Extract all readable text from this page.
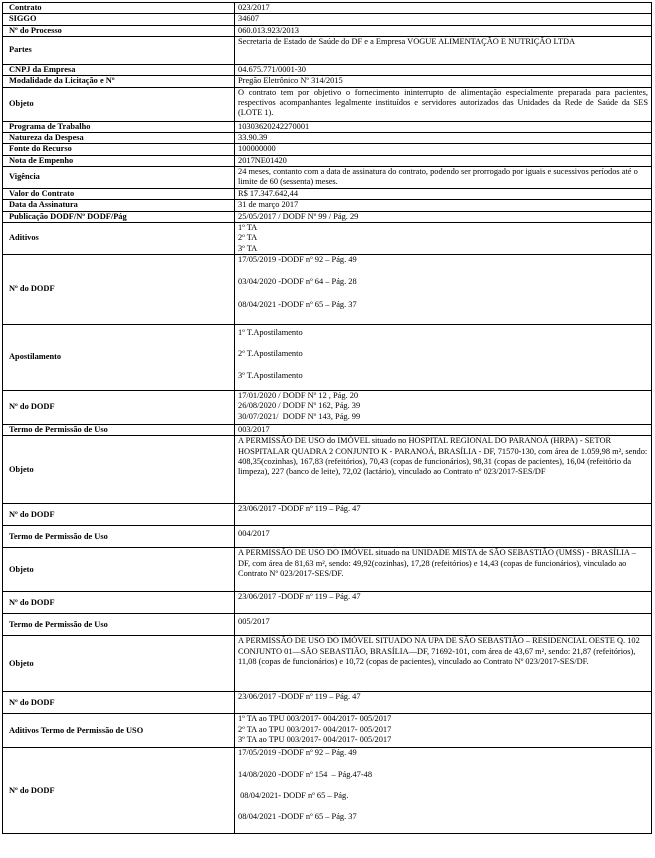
Contrato	023/2017
SIGGO	34607
Nº do Processo	060.013.923/2013
Partes	Secretaria de Estado de Saúde do DF e a Empresa VOGUE ALIMENTAÇÃO E NUTRIÇÃO LTDA
CNPJ da Empresa	04.675.771/0001-30
Modalidade da Licitação e Nº	Pregão Eletrônico Nº 314/2015
Objeto	O contrato tem por objetivo o fornecimento ininterrupto de alimentação especialmente preparada para pacientes, respectivos acompanhantes legalmente instituídos e servidores autorizados das Unidades da Rede de Saúde da SES (LOTE 1).
Programa de Trabalho	10303620242270001
Natureza da Despesa	33.90.39
Fonte do Recurso	100000000
Nota de Empenho	2017NE01420
Vigência	24 meses, contanto com a data de assinatura do contrato, podendo ser prorrogado por iguais e sucessivos períodos até o limite de 60 (sessenta) meses.
Valor do Contrato	R$ 17.347.642,44
Data da Assinatura	31 de março 2017
Publicação DODF/Nº DODF/Pág	25/05/2017 / DODF Nº 99 / Pág. 29
Aditivos	1º TA
2º TA
3º TA

Nº do DODF	17/05/2019 -DODF nº 92 – Pág. 49
03/04/2020 -DODF nº 64 – Pág. 28
08/04/2021 -DODF nº 65 – Pág. 37

Apostilamento	1º T.Apostilamento
2º T.Apostilamento
3º T.Apostilamento

Nº do DODF	17/01/2020 / DODF Nº 12 , Pág. 20
26/08/2020 / DODF Nº 162, Pág. 39
30/07/2021/  DODF Nº 143, Pág. 99

Termo de Permissão de Uso	003/2017
Objeto	A PERMISSÃO DE USO do IMÓVEL situado no HOSPITAL REGIONAL DO PARANOÁ (HRPA) - SETOR HOSPITALAR QUADRA 2 CONJUNTO K - PARANOÁ, BRASÍLIA - DF, 71570-130, com área de 1.059,98 m², sendo: 408,35(cozinhas), 167,83 (refeitórios), 70,43 (copas de funcionários), 98,31 (copas de pacientes), 16,04 (refeitório da limpeza), 227 (banco de leite), 72,02 (lactário), vinculado ao Contrato nº 023/2017-SES/DF
Nº do DODF	23/06/2017 -DODF nº 119 – Pág. 47
Termo de Permissão de Uso	004/2017

Objeto	A PERMISSÃO DE USO DO IMÓVEL situado na UNIDADE MISTA de SÃO SEBASTIÃO (UMSS) - BRASÍLIA – DF, com área de 81,63 m², sendo: 49,92(cozinhas), 17,28 (refeitórios) e 14,43 (copas de funcionários), vinculado ao Contrato Nº 023/2017-SES/DF.
Nº do DODF	23/06/2017 -DODF nº 119 – Pág. 47
Termo de Permissão de Uso	005/2017

Objeto	A PERMISSÃO DE USO DO IMÓVEL SITUADO NA UPA DE SÃO SEBASTIÃO – RESIDENCIAL OESTE Q. 102 CONJUNTO 01—SÃO SEBASTIÃO, BRASÍLIA—DF, 71692-101, com área de 43,67 m², sendo: 21,87 (refeitórios), 11,08 (copas de funcionários) e 10,72 (copas de pacientes), vinculado ao Contrato Nº 023/2017-SES/DF.
Nº do DODF	23/06/2017 -DODF nº 119 – Pág. 47
Aditivos Termo de Permissão de USO	1º TA ao TPU 003/2017- 004/2017- 005/2017
2º TA ao TPU 003/2017- 004/2017- 005/2017
3º TA ao TPU 003/2017- 004/2017- 005/2017

Nº do DODF	17/05/2019 -DODF nº 92 – Pág. 49
14/08/2020 -DODF nº 154  – Pág.47-48
08/04/2021- DODF nº 65 – Pág.
08/04/2021 -DODF nº 65 – Pág. 37
